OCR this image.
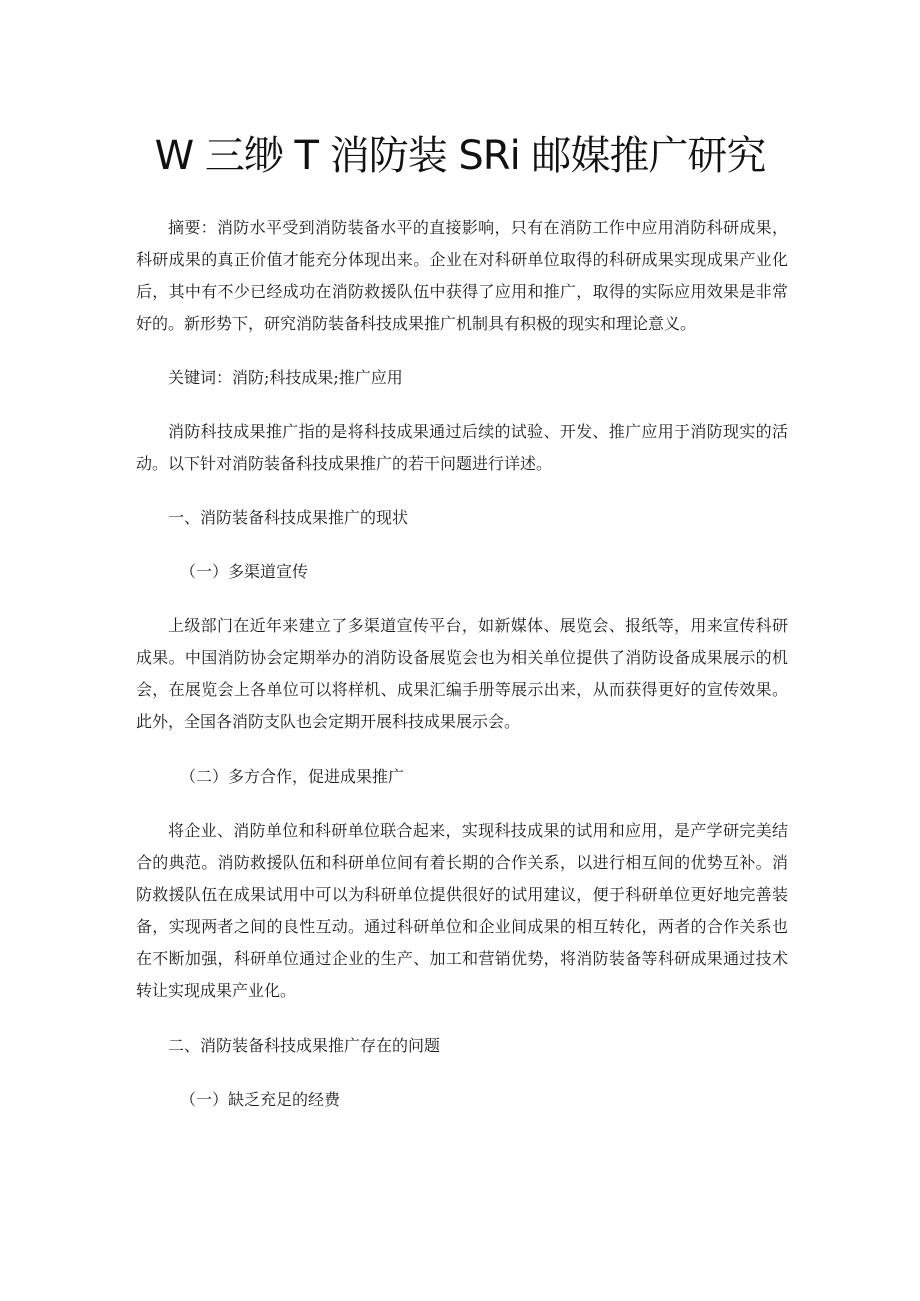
W 三缈 T 消防装 SRi 邮媒推广研究

摘要：消防水平受到消防装备水平的直接影响，只有在消防工作中应用消防科研成果，科研成果的真正价值才能充分体现出来。企业在对科研单位取得的科研成果实现成果产业化后，其中有不少已经成功在消防救援队伍中获得了应用和推广，取得的实际应用效果是非常好的。新形势下，研究消防装备科技成果推广机制具有积极的现实和理论意义。

关键词：消防;科技成果;推广应用

消防科技成果推广指的是将科技成果通过后续的试验、开发、推广应用于消防现实的活动。以下针对消防装备科技成果推广的若干问题进行详述。

一、消防装备科技成果推广的现状

（一）多渠道宣传

上级部门在近年来建立了多渠道宣传平台，如新媒体、展览会、报纸等，用来宣传科研成果。中国消防协会定期举办的消防设备展览会也为相关单位提供了消防设备成果展示的机会，在展览会上各单位可以将样机、成果汇编手册等展示出来，从而获得更好的宣传效果。此外，全国各消防支队也会定期开展科技成果展示会。

（二）多方合作，促进成果推广

将企业、消防单位和科研单位联合起来，实现科技成果的试用和应用，是产学研完美结合的典范。消防救援队伍和科研单位间有着长期的合作关系，以进行相互间的优势互补。消防救援队伍在成果试用中可以为科研单位提供很好的试用建议，便于科研单位更好地完善装备，实现两者之间的良性互动。通过科研单位和企业间成果的相互转化，两者的合作关系也在不断加强，科研单位通过企业的生产、加工和营销优势，将消防装备等科研成果通过技术转让实现成果产业化。

二、消防装备科技成果推广存在的问题

（一）缺乏充足的经费
